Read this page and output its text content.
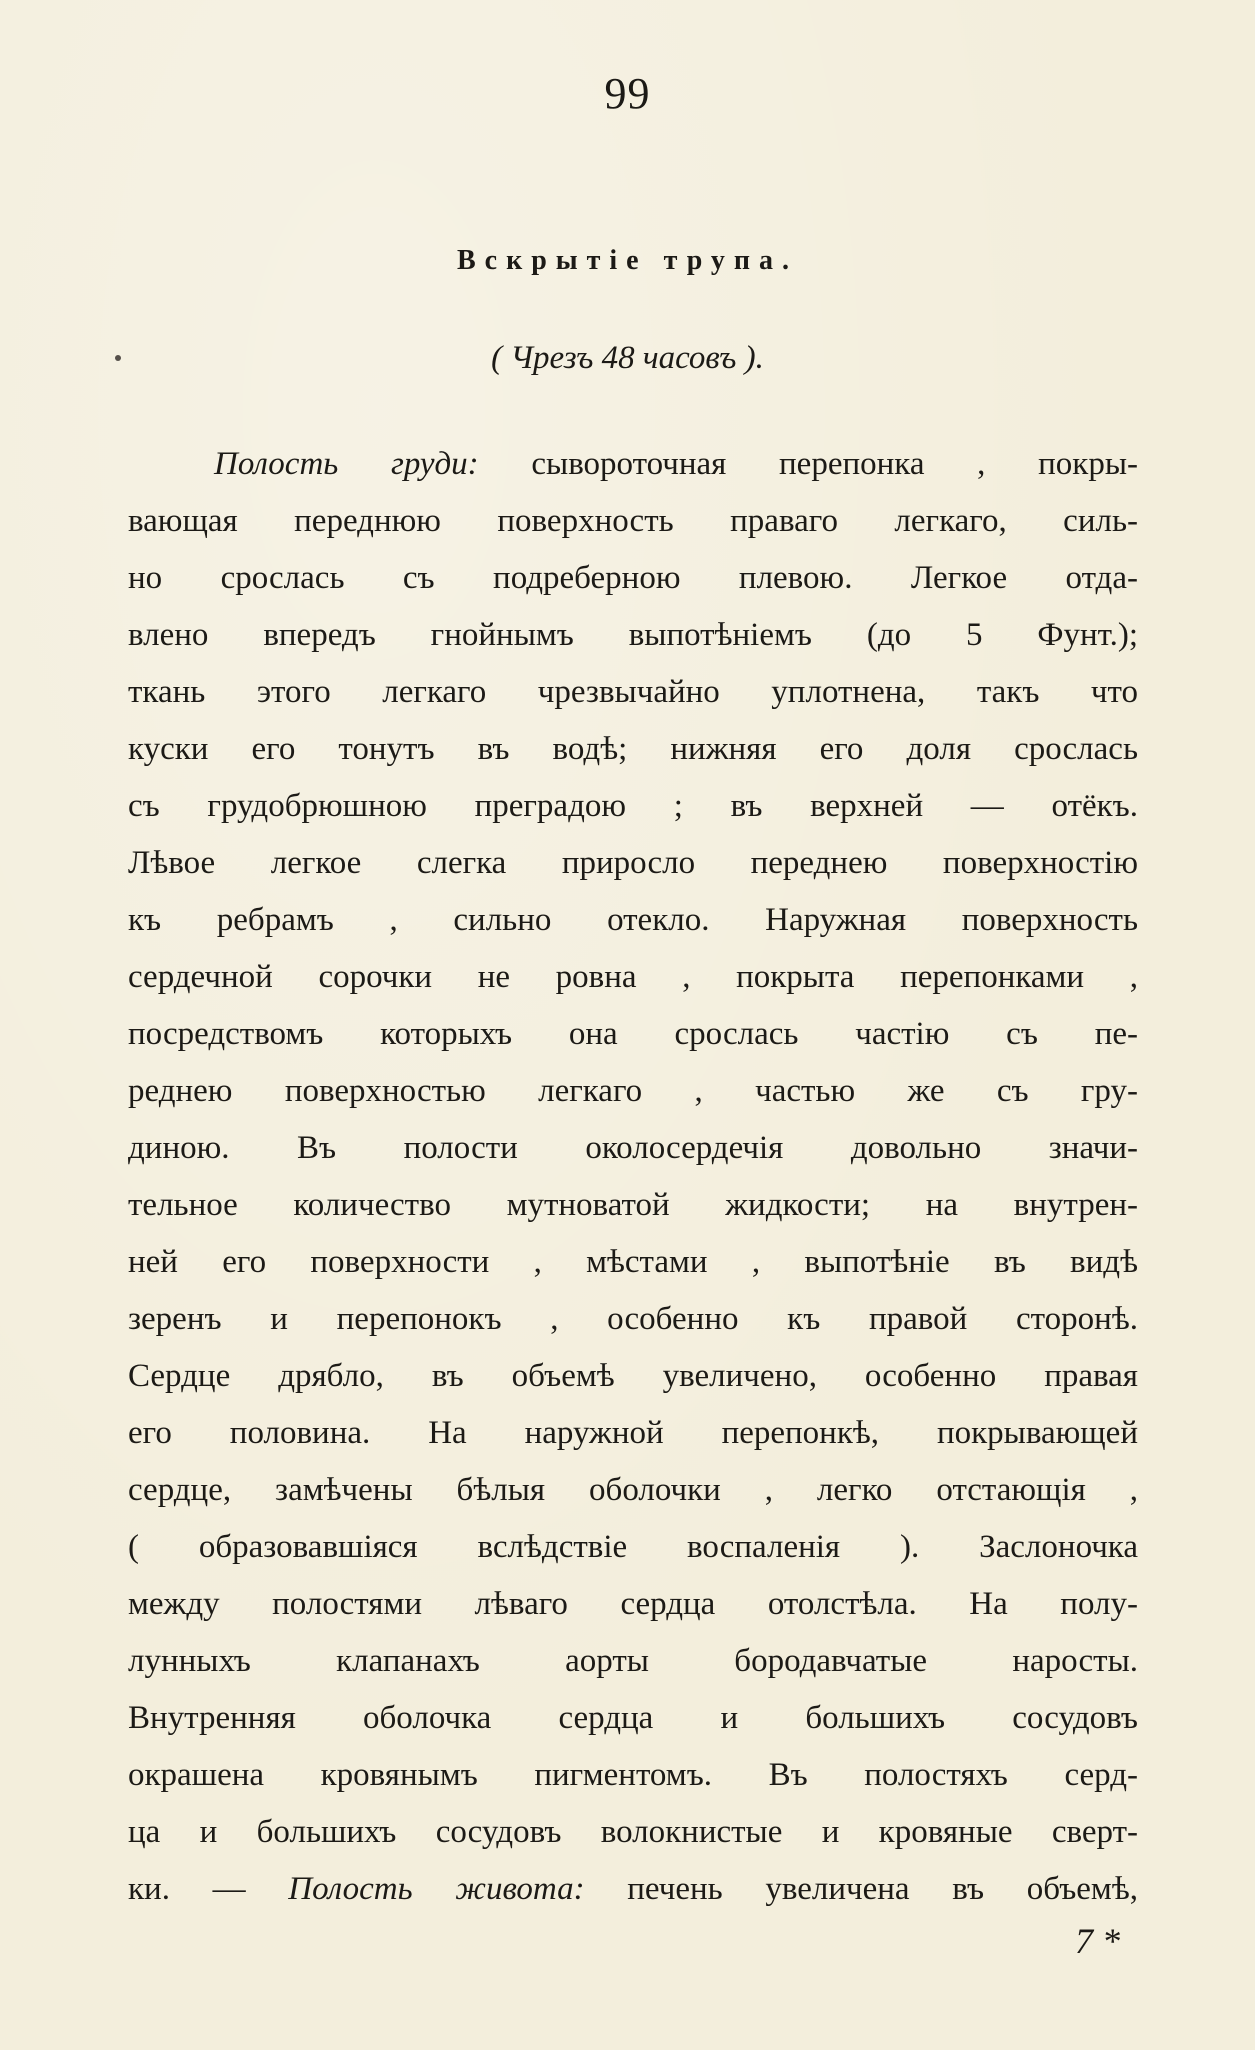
99
Вскрытіе трупа.
( Чрезъ 48 часовъ ).
Полость груди: сывороточная перепонка , покры-
вающая переднюю поверхность праваго легкаго, силь-
но срослась съ подреберною плевою. Легкое отда-
влено впередъ гнойнымъ выпотѣніемъ (до 5 Фунт.);
ткань этого легкаго чрезвычайно уплотнена, такъ что
куски его тонутъ въ водѣ; нижняя его доля срослась
съ грудобрюшною преградою ; въ верхней — отёкъ.
Лѣвое легкое слегка приросло переднею поверхностію
къ ребрамъ , сильно отекло. Наружная поверхность
сердечной сорочки не ровна , покрыта перепонками ,
посредствомъ которыхъ она срослась частію съ пе-
реднею поверхностью легкаго , частью же съ гру-
диною. Въ полости околосердечія довольно значи-
тельное количество мутноватой жидкости; на внутрен-
ней его поверхности , мѣстами , выпотѣніе въ видѣ
зеренъ и перепонокъ , особенно къ правой сторонѣ.
Сердце дрябло, въ объемѣ увеличено, особенно правая
его половина. На наружной перепонкѣ, покрывающей
сердце, замѣчены бѣлыя оболочки , легко отстающія ,
( образовавшіяся вслѣдствіе воспаленія ). Заслоночка
между полостями лѣваго сердца отолстѣла. На полу-
лунныхъ клапанахъ аорты бородавчатые наросты.
Внутренняя оболочка сердца и большихъ сосудовъ
окрашена кровянымъ пигментомъ. Въ полостяхъ серд-
ца и большихъ сосудовъ волокнистые и кровяные сверт-
ки. — Полость живота: печень увеличена въ объемѣ,
7 *
